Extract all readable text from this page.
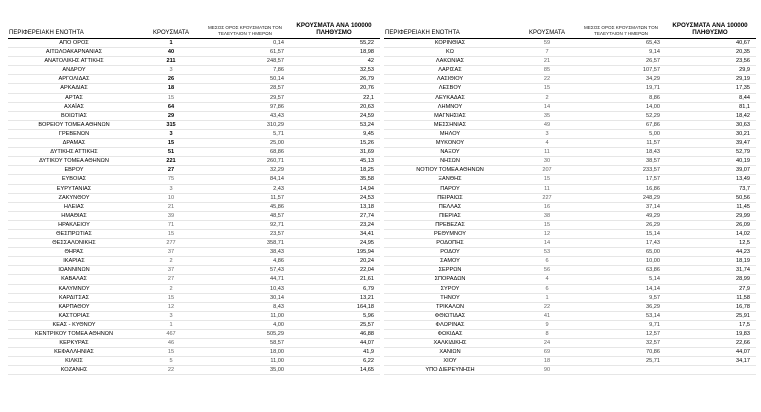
ΠΕΡΙΦΕΡΕΙΑΚΗ ΕΝΟΤΗΤΑ	ΚΡΟΥΣΜΑΤΑ	ΜΕΣΟΣ ΟΡΟΣ ΚΡΟΥΣΜΑΤΩΝ ΤΟΝ ΤΕΛΕΥΤΑΙΟΝ 7 ΗΜΕΡΩΝ	ΚΡΟΥΣΜΑΤΑ ΑΝΑ 100000 ΠΛΗΘΥΣΜΟ
ΑΠΟ ΟΡΟΣ	1	0,14	55,22
ΑΙΤΩΛΟΑΚΑΡΝΑΝΙΑΣ	40	61,57	18,98
ΑΝΑΤΟΛΙΚΗΣ ΑΤΤΙΚΗΣ	211	248,57	42
ΑΝΔΡΟΥ	3	7,86	32,53
ΑΡΓΟΛΙΔΑΣ	26	50,14	26,79
ΑΡΚΑΔΙΑΣ	18	28,57	20,76
ΑΡΤΑΣ	15	29,57	22,1
ΑΧΑΪΑΣ	64	97,86	20,63
ΒΟΙΩΤΙΑΣ	29	43,43	24,59
ΒΟΡΕΙΟΥ ΤΟΜΕΑ ΑΘΗΝΩΝ	315	310,29	53,24
ΓΡΕΒΕΝΩΝ	3	5,71	9,45
ΔΡΑΜΑΣ	15	25,00	15,26
ΔΥΤΙΚΗΣ ΑΤΤΙΚΗΣ	51	68,86	31,69
ΔΥΤΙΚΟΥ ΤΟΜΕΑ ΑΘΗΝΩΝ	221	260,71	45,13
ΕΒΡΟΥ	27	32,29	18,25
ΕΥΒΟΙΑΣ	75	84,14	35,58
ΕΥΡΥΤΑΝΙΑΣ	3	2,43	14,94
ΖΑΚΥΝΘΟΥ	10	11,57	24,53
ΗΛΕΙΑΣ	21	45,86	13,18
ΗΜΑΘΙΑΣ	39	48,57	27,74
ΗΡΑΚΛΕΙΟΥ	71	92,71	23,24
ΘΕΣΠΡΩΤΙΑΣ	15	23,57	34,41
ΘΕΣΣΑΛΟΝΙΚΗΣ	277	358,71	24,95
ΘΗΡΑΣ	37	38,43	195,94
ΙΚΑΡΙΑΣ	2	4,86	20,24
ΙΩΑΝΝΙΝΩΝ	37	57,43	22,04
ΚΑΒΑΛΑΣ	27	44,71	21,61
ΚΑΛΥΜΝΟΥ	2	10,43	6,79
ΚΑΡΔΙΤΣΑΣ	15	30,14	13,21
ΚΑΡΠΑΘΟΥ	12	8,43	164,18
ΚΑΣΤΟΡΙΑΣ	3	11,00	5,96
ΚΕΑΣ - ΚΥΘΝΟΥ	1	4,00	25,57
ΚΕΝΤΡΙΚΟΥ ΤΟΜΕΑ ΑΘΗΝΩΝ	467	505,29	46,88
ΚΕΡΚΥΡΑΣ	46	58,57	44,07
ΚΕΦΑΛΛΗΝΙΑΣ	15	18,00	41,9
ΚΙΛΚΙΣ	5	11,00	6,22
ΚΟΖΑΝΗΣ	22	35,00	14,65
ΠΕΡΙΦΕΡΕΙΑΚΗ ΕΝΟΤΗΤΑ	ΚΡΟΥΣΜΑΤΑ	ΜΕΣΟΣ ΟΡΟΣ ΚΡΟΥΣΜΑΤΩΝ ΤΟΝ ΤΕΛΕΥΤΑΙΟΝ 7 ΗΜΕΡΩΝ	ΚΡΟΥΣΜΑΤΑ ΑΝΑ 100000 ΠΛΗΘΥΣΜΟ
ΚΟΡΙΝΘΙΑΣ	59	65,43	40,67
ΚΩ	7	9,14	20,35
ΛΑΚΩΝΙΑΣ	21	26,57	23,56
ΛΑΡΙΣΑΣ	85	107,57	29,9
ΛΑΣΙΘΙΟΥ	22	34,29	29,19
ΛΕΣΒΟΥ	15	19,71	17,35
ΛΕΥΚΑΔΑΣ	2	8,86	8,44
ΛΗΜΝΟΥ	14	14,00	81,1
ΜΑΓΝΗΣΙΑΣ	35	52,29	18,42
ΜΕΣΣΗΝΙΑΣ	49	67,86	30,63
ΜΗΛΟΥ	3	5,00	30,21
ΜΥΚΟΝΟΥ	4	11,57	39,47
ΝΑΞΟΥ	11	18,43	52,79
ΝΗΣΩΝ	30	38,57	40,19
ΝΟΤΙΟΥ ΤΟΜΕΑ ΑΘΗΝΩΝ	207	233,57	39,07
ΞΑΝΘΗΣ	15	17,57	13,49
ΠΑΡΟΥ	11	16,86	73,7
ΠΕΙΡΑΙΩΣ	227	248,29	50,56
ΠΕΛΛΑΣ	16	37,14	11,45
ΠΙΕΡΙΑΣ	38	49,29	29,99
ΠΡΕΒΕΖΑΣ	15	26,29	26,09
ΡΕΘΥΜΝΟΥ	12	15,14	14,02
ΡΟΔΟΠΗΣ	14	17,43	12,5
ΡΟΔΟΥ	53	65,00	44,23
ΣΑΜΟΥ	6	10,00	18,19
ΣΕΡΡΩΝ	56	63,86	31,74
ΣΠΟΡΑΔΩΝ	4	5,14	28,99
ΣΥΡΟΥ	6	14,14	27,9
ΤΗΝΟΥ	1	9,57	11,58
ΤΡΙΚΑΛΩΝ	22	36,29	16,78
ΦΘΙΩΤΙΔΑΣ	41	53,14	25,91
ΦΛΩΡΙΝΑΣ	9	9,71	17,5
ΦΩΚΙΔΑΣ	8	12,57	19,83
ΧΑΛΚΙΔΙΚΗΣ	24	32,57	22,66
ΧΑΝΙΩΝ	69	70,86	44,07
ΧΙΟΥ	18	25,71	34,17
ΥΠΟ ΔΙΕΡΕΥΝΗΣΗ	90		
